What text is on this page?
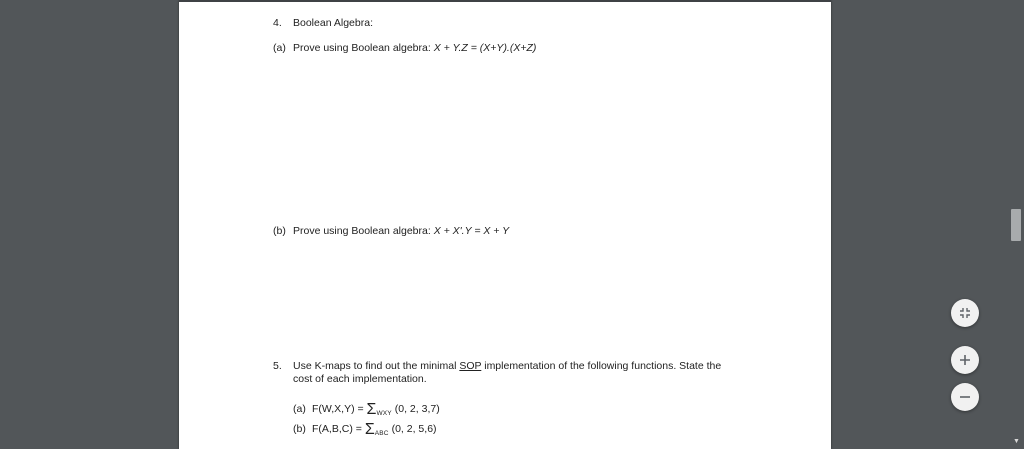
4. Boolean Algebra:
(a) Prove using Boolean algebra: X + Y.Z = (X+Y).(X+Z)
(b) Prove using Boolean algebra: X + X'.Y = X + Y
5. Use K-maps to find out the minimal SOP implementation of the following functions. State the
cost of each implementation.
(a) $F(W,X,Y) = \Sigma_{WXY}$ (0, 2, 3,7)
(b) $F(A,B,C) = \Sigma_{ABC}$ (0, 2, 5,6)
▼
